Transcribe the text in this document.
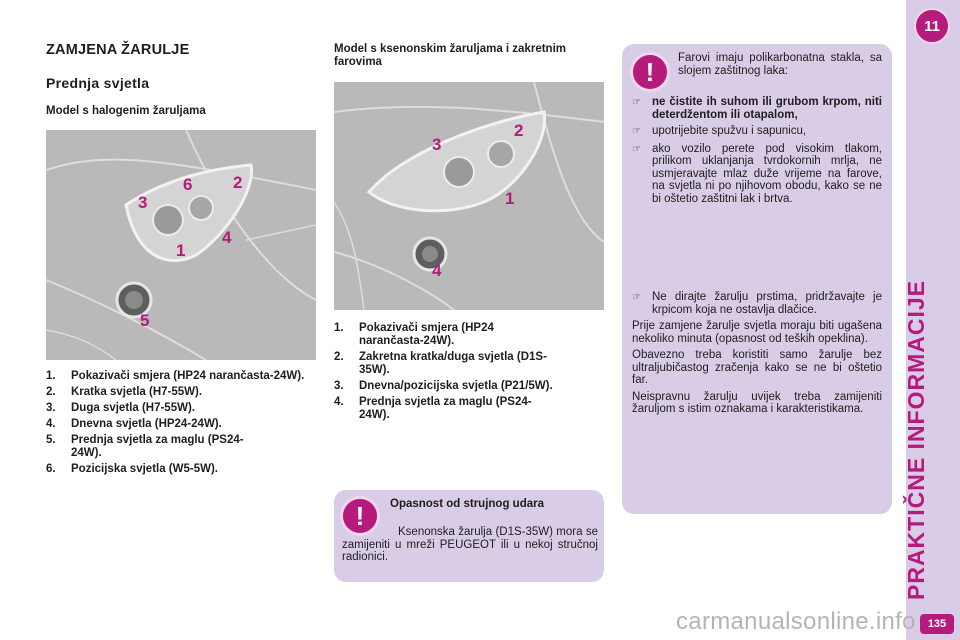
ZAMJENA ŽARULJE
Prednja svjetla
Model s halogenim žaruljama
Model s ksenonskim žaruljama i zakretnim farovima
6 2
3
1
4
5
3
2
1
4
1.	Pokazivači smjera (HP24 narančasta-24W).
2.	Kratka svjetla (H7-55W).
3.	Duga svjetla (H7-55W).
4.	Dnevna svjetla (HP24-24W).
5.	Prednja svjetla za maglu (PS24-24W).
6.	Pozicijska svjetla (W5-5W).
1.	Pokazivači smjera (HP24 narančasta-24W).
2.	Zakretna kratka/duga svjetla (D1S-35W).
3.	Dnevna/pozicijska svjetla (P21/5W).
4.	Prednja svjetla za maglu (PS24-24W).
!	Opasnost od strujnog udara
Ksenonska žarulja (D1S-35W) mora se zamijeniti u mreži PEUGEOT ili u nekoj stručnoj radionici.
!	Farovi imaju polikarbonatna stakla, sa slojem zaštitnog laka:
☞ ne čistite ih suhom ili grubom krpom, niti deterdžentom ili otapalom,
☞ upotrijebite spužvu i sapunicu,
☞ ako vozilo perete pod visokim tlakom, prilikom uklanjanja tvrdokornih mrlja, ne usmjeravajte mlaz duže vrijeme na farove, na svjetla ni po njihovom obodu, kako se ne bi oštetio zaštitni lak i brtva.
☞ Ne dirajte žarulju prstima, pridržavajte je krpicom koja ne ostavlja dlačice.
Prije zamjene žarulje svjetla moraju biti ugašena nekoliko minuta (opasnost od teških opeklina).
Obavezno treba koristiti samo žarulje bez ultraljubičastog zračenja kako se ne bi oštetio far.
Neispravnu žarulju uvijek treba zamijeniti žaruljom s istim oznakama i karakteristikama.
11
PRAKTIČNE INFORMACIJE
carmanualsonline.info	135
